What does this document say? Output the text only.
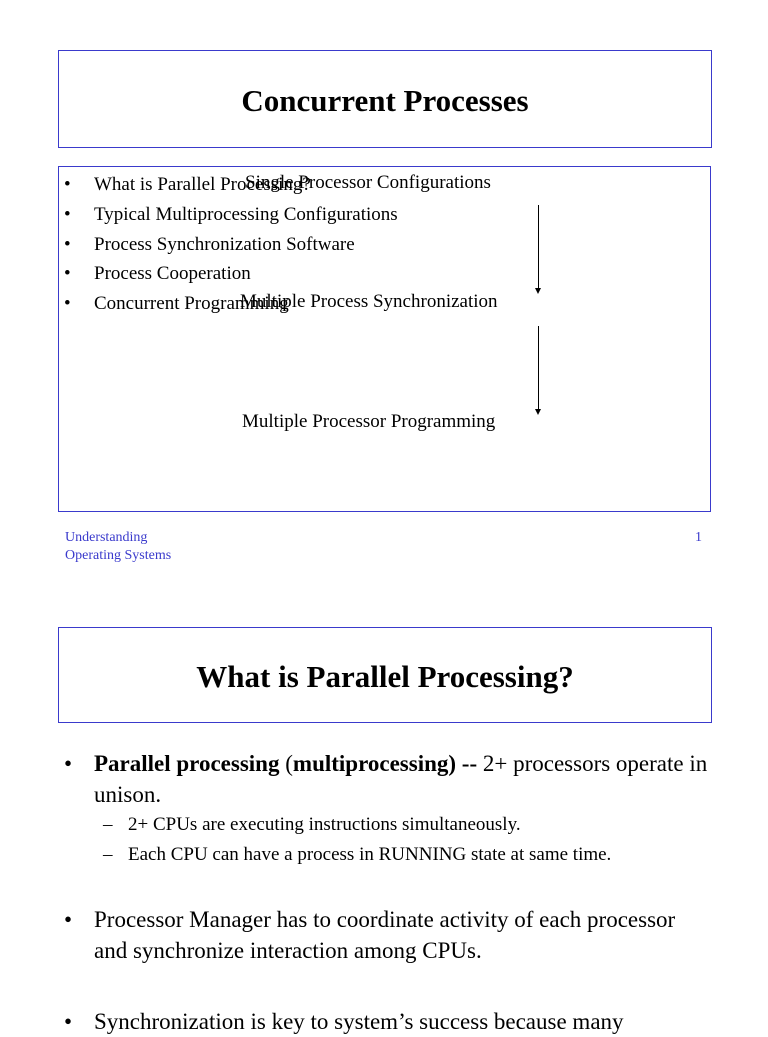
Concurrent Processes
• What is Parallel Processing?
• Typical Multiprocessing Configurations
• Process Synchronization Software
• Process Cooperation
• Concurrent Programming
Single Processor Configurations
Multiple Process Synchronization
Multiple Processor Programming
Understanding
Operating Systems
1
What is Parallel Processing?
• Parallel processing (multiprocessing) -- 2+ processors operate in unison.
– 2+ CPUs are executing instructions simultaneously.
– Each CPU can have a process in RUNNING state at same time.
• Processor Manager has to coordinate activity of each processor and synchronize interaction among CPUs.
• Synchronization is key to system’s success because many
